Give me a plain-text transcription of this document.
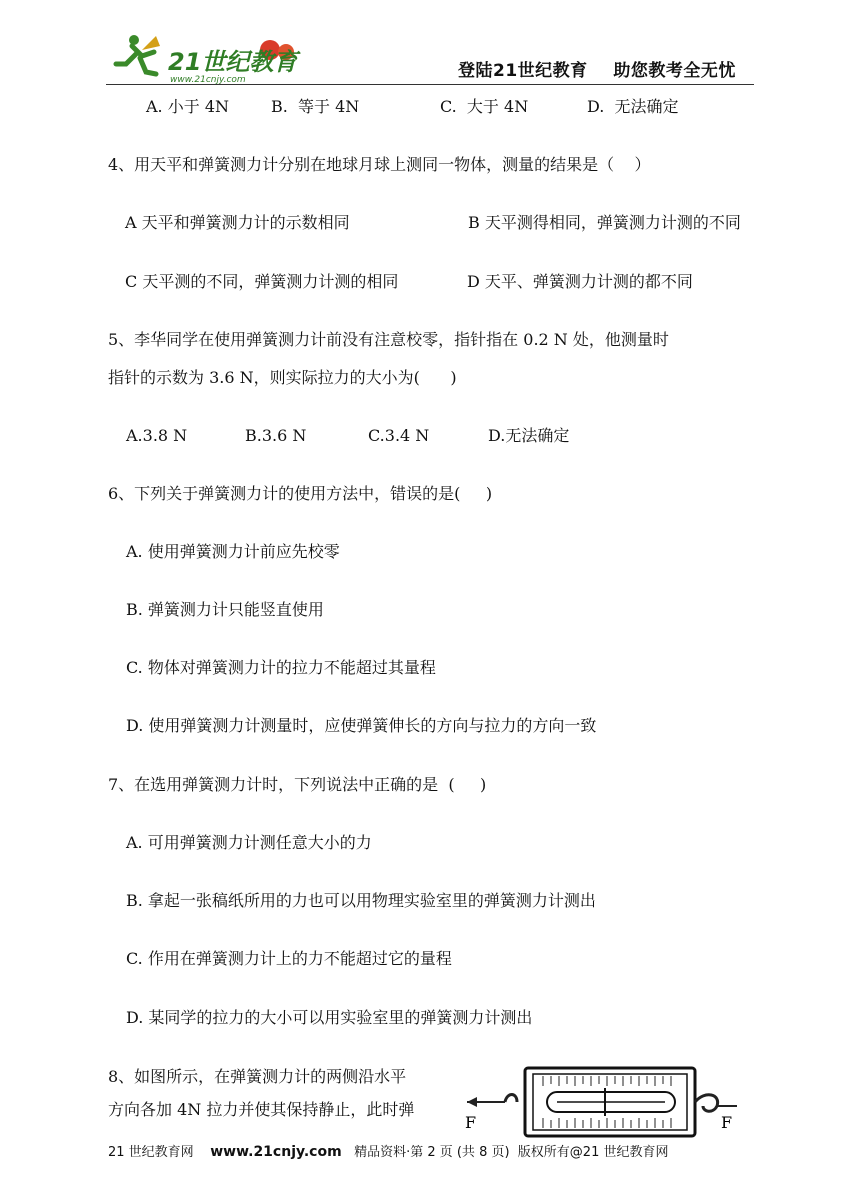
21世纪教育
www.21cnjy.com	登陆21世纪教育    助您教考全无忧
A. 小于 4N	B.  等于 4N	C.  大于 4N	D.  无法确定
4、用天平和弹簧测力计分别在地球月球上测同一物体，测量的结果是（    ）
A 天平和弹簧测力计的示数相同	B 天平测得相同，弹簧测力计测的不同
C 天平测的不同，弹簧测力计测的相同	D 天平、弹簧测力计测的都不同
5、李华同学在使用弹簧测力计前没有注意校零，指针指在 0.2 N 处，他测量时
指针的示数为 3.6 N，则实际拉力的大小为(      )
A.3.8 N	B.3.6 N	C.3.4 N	D.无法确定
6、下列关于弹簧测力计的使用方法中，错误的是(     )
A. 使用弹簧测力计前应先校零
B. 弹簧测力计只能竖直使用
C. 物体对弹簧测力计的拉力不能超过其量程
D. 使用弹簧测力计测量时，应使弹簧伸长的方向与拉力的方向一致
7、在选用弹簧测力计时，下列说法中正确的是  (     )
A. 可用弹簧测力计测任意大小的力
B. 拿起一张稿纸所用的力也可以用物理实验室里的弹簧测力计测出
C. 作用在弹簧测力计上的力不能超过它的量程
D. 某同学的拉力的大小可以用实验室里的弹簧测力计测出
8、如图所示，在弹簧测力计的两侧沿水平
方向各加 4N 拉力并使其保持静止，此时弹
F	F
21 世纪教育网 www.21cnjy.com 精品资料·第 2 页 (共 8 页)  版权所有@21 世纪教育网
